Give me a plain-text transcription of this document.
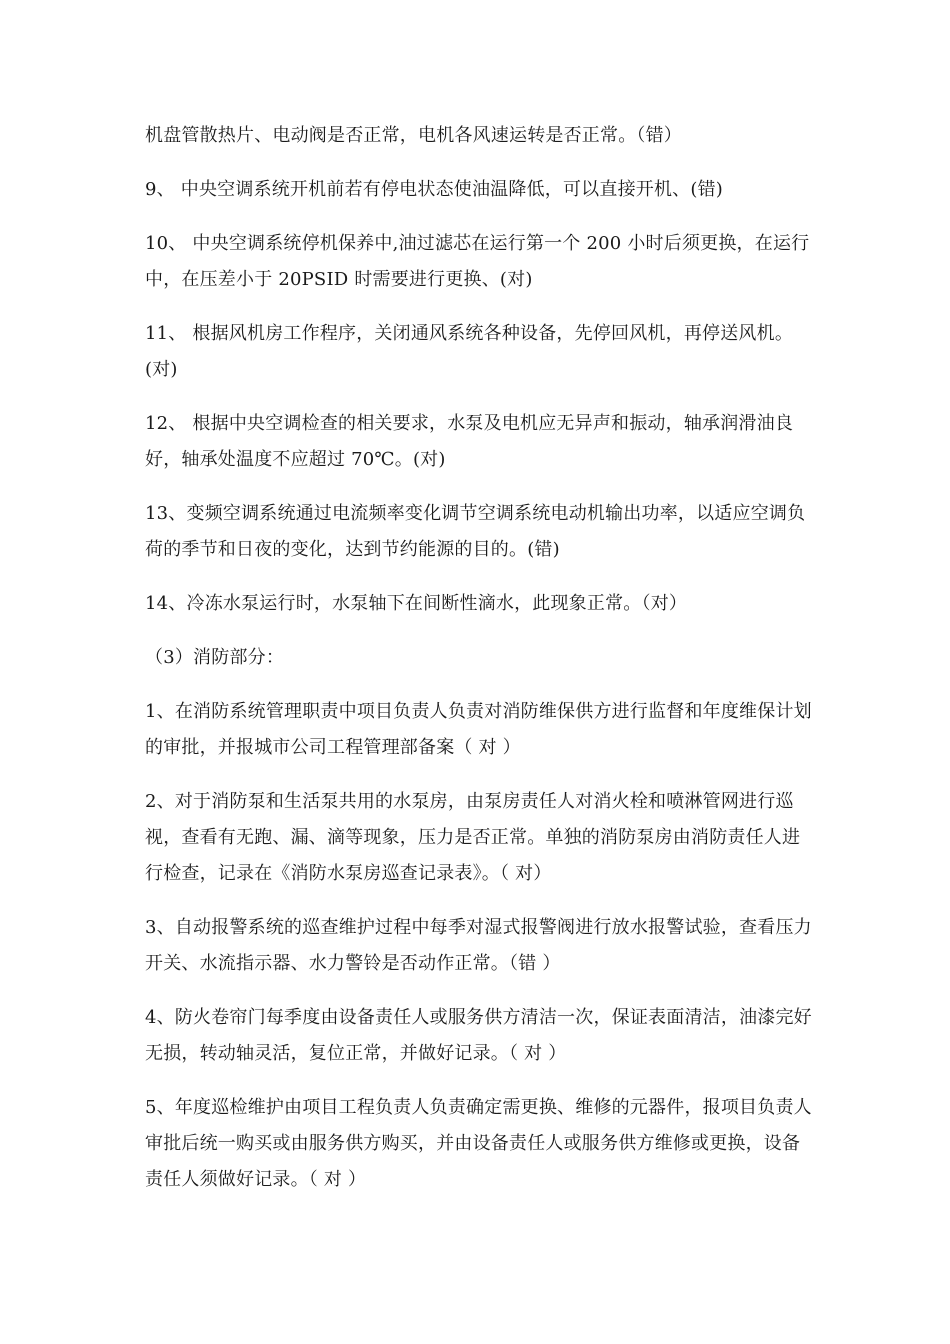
机盘管散热片、电动阀是否正常，电机各风速运转是否正常。（错）

9、 中央空调系统开机前若有停电状态使油温降低，可以直接开机、(错)

10、 中央空调系统停机保养中,油过滤芯在运行第一个 200 小时后须更换，在运行中，在压差小于 20PSID 时需要进行更换、(对)

11、 根据风机房工作程序，关闭通风系统各种设备，先停回风机，再停送风机。(对)

12、 根据中央空调检查的相关要求，水泵及电机应无异声和振动，轴承润滑油良好，轴承处温度不应超过 70℃。(对)

13、变频空调系统通过电流频率变化调节空调系统电动机输出功率，以适应空调负荷的季节和日夜的变化，达到节约能源的目的。(错)

14、冷冻水泵运行时，水泵轴下在间断性滴水，此现象正常。（对）

（3）消防部分：

1、在消防系统管理职责中项目负责人负责对消防维保供方进行监督和年度维保计划的审批，并报城市公司工程管理部备案（ 对 ）

2、对于消防泵和生活泵共用的水泵房，由泵房责任人对消火栓和喷淋管网进行巡视，查看有无跑、漏、滴等现象，压力是否正常。单独的消防泵房由消防责任人进行检查，记录在《消防水泵房巡查记录表》。（ 对）

3、自动报警系统的巡查维护过程中每季对湿式报警阀进行放水报警试验，查看压力开关、水流指示器、水力警铃是否动作正常。（错 ）

4、防火卷帘门每季度由设备责任人或服务供方清洁一次，保证表面清洁，油漆完好无损，转动轴灵活，复位正常，并做好记录。（ 对 ）

5、年度巡检维护由项目工程负责人负责确定需更换、维修的元器件，报项目负责人审批后统一购买或由服务供方购买，并由设备责任人或服务供方维修或更换，设备责任人须做好记录。（ 对 ）
